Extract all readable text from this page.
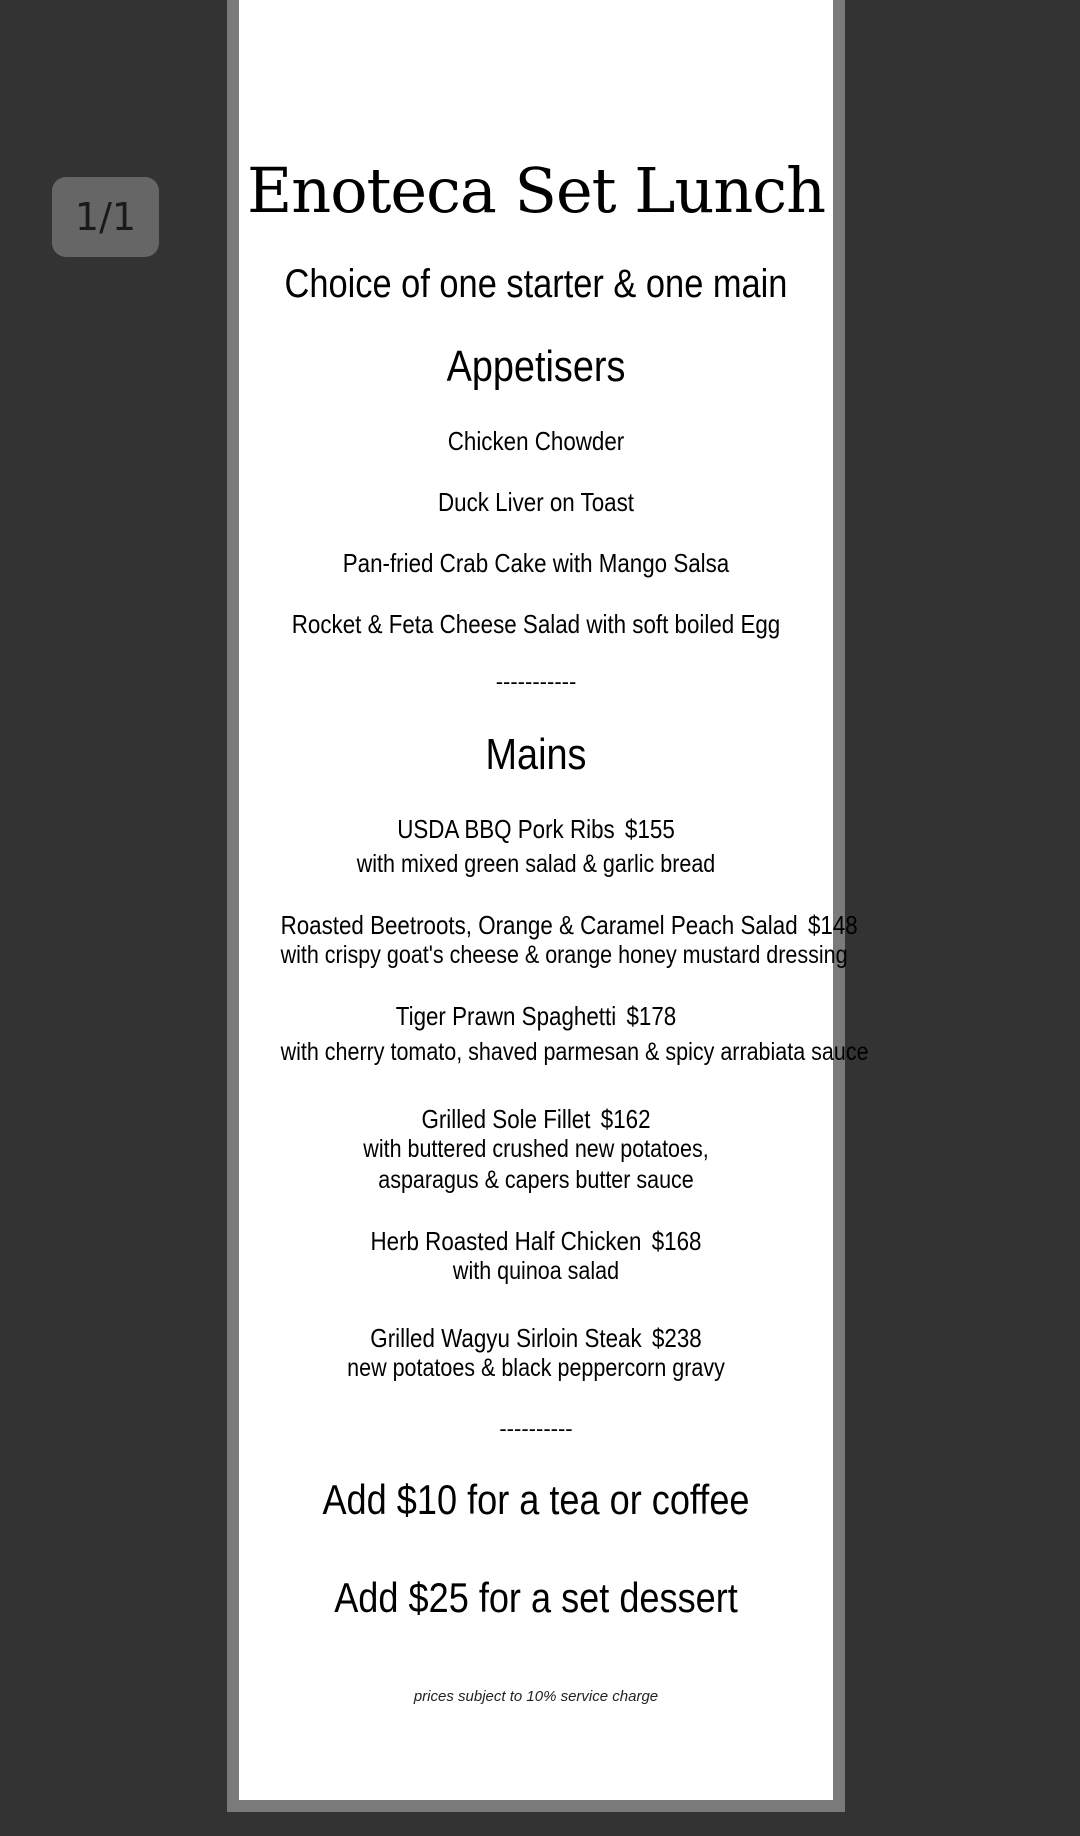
1/1	Enoteca Set Lunch
Choice of one starter & one main
Appetisers
Chicken Chowder
Duck Liver on Toast
Pan-fried Crab Cake with Mango Salsa
Rocket & Feta Cheese Salad with soft boiled Egg
-----------
Mains
USDA BBQ Pork Ribs $155
with mixed green salad & garlic bread
Roasted Beetroots, Orange & Caramel Peach Salad $148
with crispy goat's cheese & orange honey mustard dressing
Tiger Prawn Spaghetti $178
with cherry tomato, shaved parmesan & spicy arrabiata sauce
Grilled Sole Fillet $162
with buttered crushed new potatoes,
asparagus & capers butter sauce
Herb Roasted Half Chicken $168
with quinoa salad
Grilled Wagyu Sirloin Steak $238
new potatoes & black peppercorn gravy
----------
Add $10 for a tea or coffee
Add $25 for a set dessert
prices subject to 10% service charge
